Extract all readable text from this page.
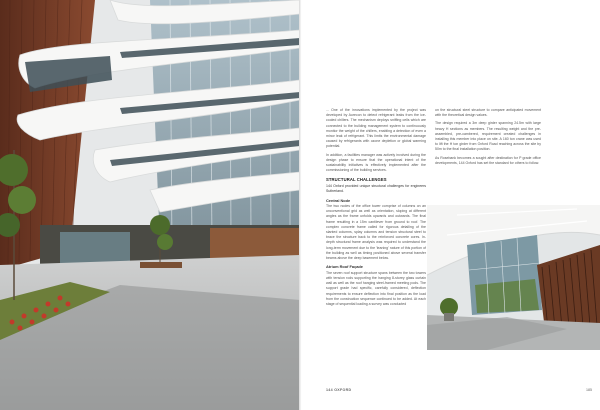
... One of the innovations implemented by the project was developed by Aurecon to detect refrigerant leaks from the ice-cooled chillers. The mechanism deploys sniffing cells which are connected to the building management system to continuously monitor the weight of the chillers, enabling a detection of even a minor leak of refrigerant. This limits the environmental damage caused by refrigerants with ozone depletion or global warming potential.

In addition, a facilities manager was actively involved during the design phase to ensure that the operational intent of the sustainability initiatives is effectively implemented after the commissioning of the building services.

STRUCTURAL CHALLENGES

144 Oxford provided unique structural challenges for engineers Sutherland.

Central Node

The two nodes of the office tower comprise of columns on an unconventional grid as well as orientation, sloping at different angles as the frame unfolds upwards and outwards. The final frame resulting in a 15m cantilever from ground to roof. The complex concrete frame called for rigorous detailing of the slanted columns, splay columns and tension structural steel to brace the structure back to the reinforced concrete cores. In-depth structural frame analysis was required to understand the long-term movement due to the 'leaning' nature of this portion of the building as well as timing positioned above several transfer beams above the deep basement below.

Atrium Roof Façade

The seven roof support structure spans between the two towers with tension rods supporting the hanging 8-storey glass curtain wall as well as the roof hanging steel-framed meeting pods. The support grade had specific, carefully considered, deflection requirements to ensure deflection into final position as the load from the construction sequence continued to be added. At each stage of sequential loading a survey was conducted

on the structural steel structure to compare anticipated movement with the theoretical design values.

The design required a 3m deep girder spanning 24.5m with large heavy H sections as members. The resulting weight and the pre-assembled, pre-cambered, requirement created challenges in installing this member into place on site. A 160 ton crane was used to lift the H ton girder from Oxford Road reaching across the site by 50m to the final installation position.

As Rosebank becomes a sought after destination for P grade office developments, 144 Oxford has set the standard for others to follow.

144 OXFORD	185
